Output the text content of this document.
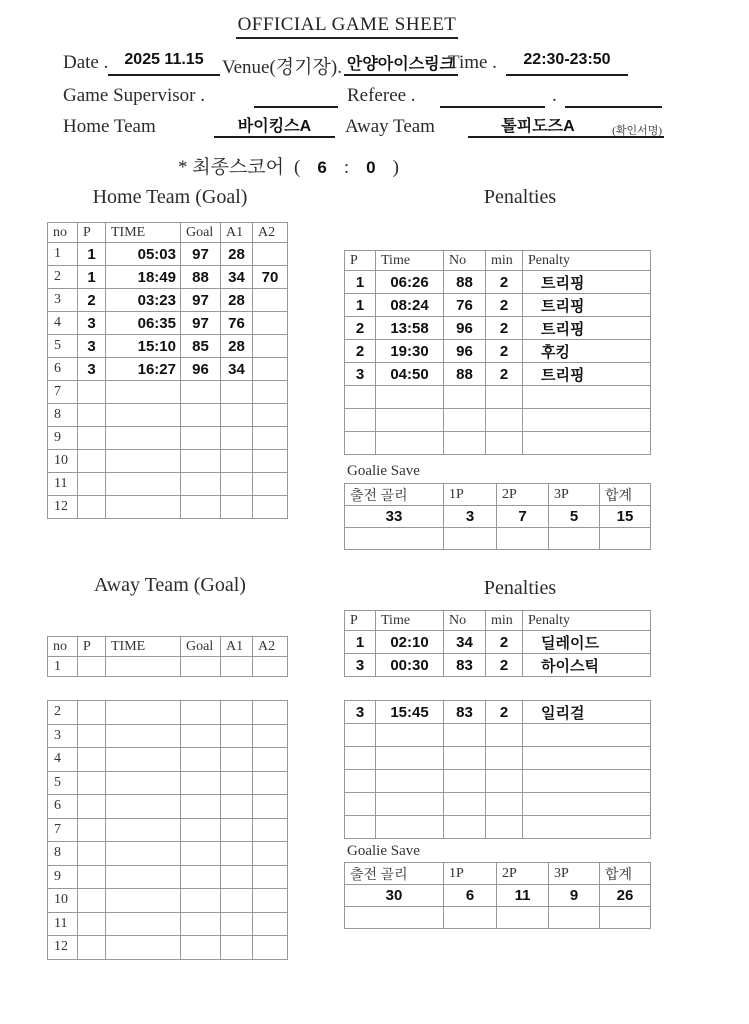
OFFICIAL GAME SHEET
Date .	2025 11.15 Venue(경기장). 안양아이스링크
Time .	22:30-23:50
Game Supervisor .	Referee .	.
Home Team	바이킹스A	Away Team	톨피도즈A	(확인서명)
* 최종스코어 ( 6 : 0 )
Home Team (Goal)	Penalties
Away Team (Goal)	Penalties
no	P	TIME	Goal	A1	A2
1	1	05:03	97	28	
2	1	18:49	88	34	70
3	2	03:23	97	28	
4	3	06:35	97	76	
5	3	15:10	85	28	
6	3	16:27	96	34	
7					
8					
9					
10					
11					
12					
P	Time	No	min	Penalty
1	06:26	88	2	트리핑
1	08:24	76	2	트리핑
2	13:58	96	2	트리핑
2	19:30	96	2	후킹
3	04:50	88	2	트리핑

Goalie Save
출전 골리	1P	2P	3P	합계
33	3	7	5	15

no	P	TIME	Goal	A1	A2
1					
2					
3					
4					
5					
6					
7					
8					
9					
10					
11					
12					
P	Time	No	min	Penalty
1	02:10	34	2	딜레이드
3	00:30	83	2	하이스틱
3	15:45	83	2	일리걸

Goalie Save
출전 골리	1P	2P	3P	합계
30	6	11	9	26
